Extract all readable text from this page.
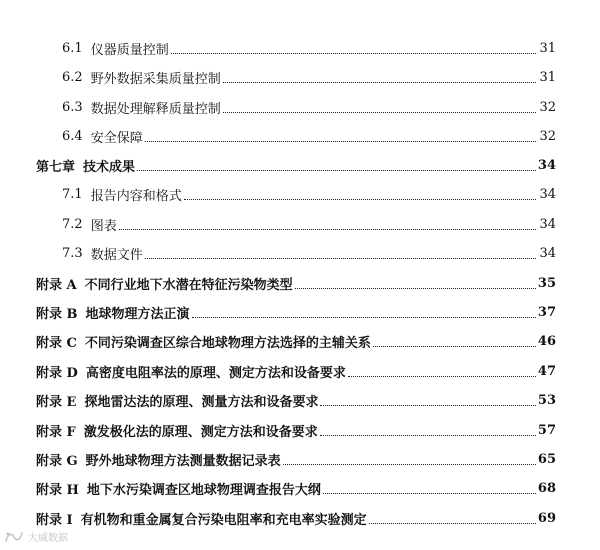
6.1 仪器质量控制	31
6.2 野外数据采集质量控制	31
6.3 数据处理解释质量控制	32
6.4 安全保障	32
第七章 技术成果	34
7.1 报告内容和格式	34
7.2 图表	34
7.3 数据文件	34
附录 A 不同行业地下水潜在特征污染物类型	35
附录 B 地球物理方法正演	37
附录 C 不同污染调查区综合地球物理方法选择的主辅关系	46
附录 D 高密度电阻率法的原理、测定方法和设备要求	47
附录 E 探地雷达法的原理、测量方法和设备要求	53
附录 F 激发极化法的原理、测定方法和设备要求	57
附录 G 野外地球物理方法测量数据记录表	65
附录 H 地下水污染调查区地球物理调查报告大纲	68
附录 I 有机物和重金属复合污染电阻率和充电率实验测定	69
大威数据
